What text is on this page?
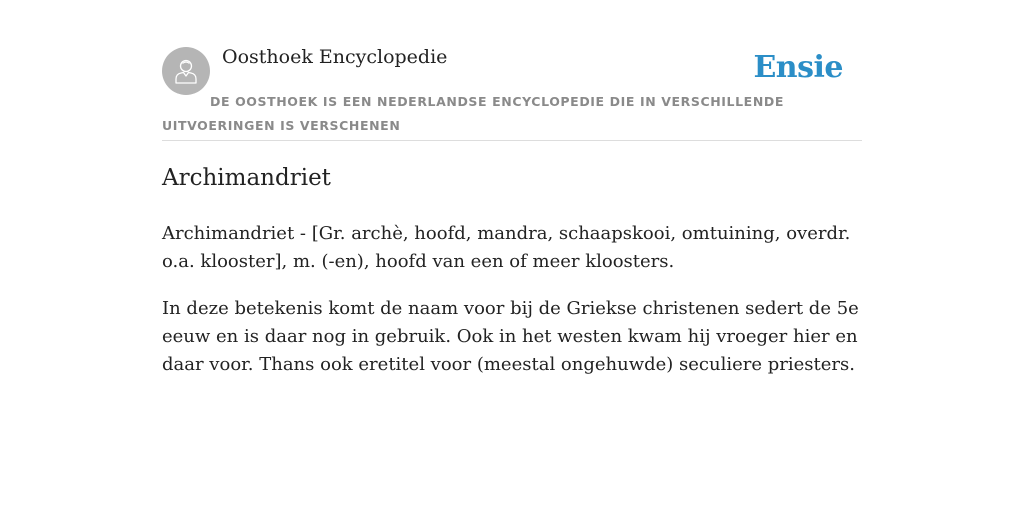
Oosthoek Encyclopedie	Ensie
DE OOSTHOEK IS EEN NEDERLANDSE ENCYCLOPEDIE DIE IN VERSCHILLENDE UITVOERINGEN IS VERSCHENEN
Archimandriet

Archimandriet - [Gr. archè, hoofd, mandra, schaapskooi, omtuining, overdr. o.a. klooster], m. (-en), hoofd van een of meer kloosters.

In deze betekenis komt de naam voor bij de Griekse christenen sedert de 5e eeuw en is daar nog in gebruik. Ook in het westen kwam hij vroeger hier en daar voor. Thans ook eretitel voor (meestal ongehuwde) seculiere priesters.
